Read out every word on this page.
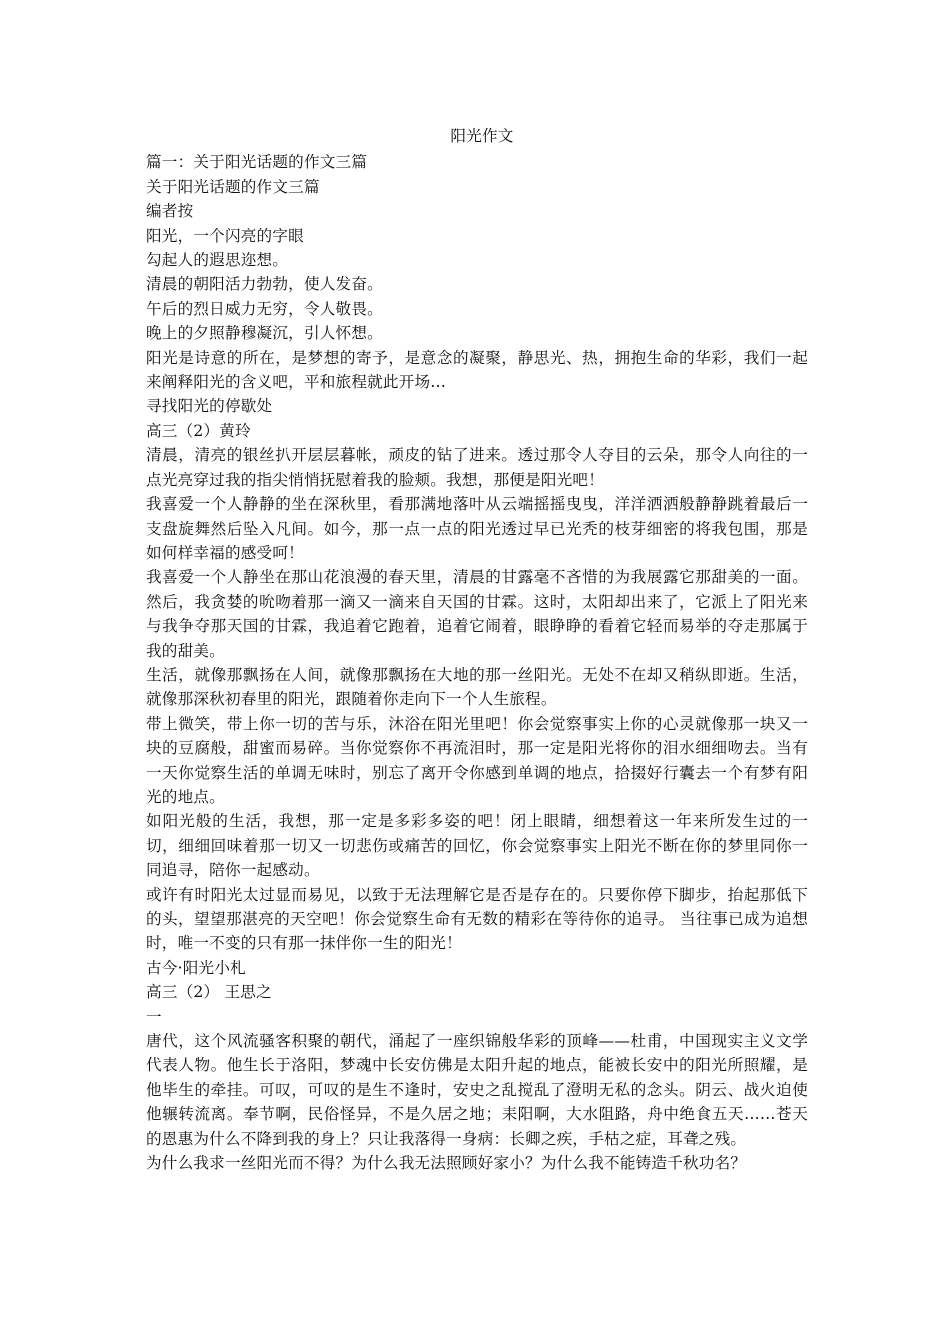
阳光作文

篇一：关于阳光话题的作文三篇

关于阳光话题的作文三篇

编者按

阳光，一个闪亮的字眼

勾起人的遐思迩想。

清晨的朝阳活力勃勃，使人发奋。

午后的烈日威力无穷，令人敬畏。

晚上的夕照静穆凝沉，引人怀想。

阳光是诗意的所在，是梦想的寄予，是意念的凝聚，静思光、热，拥抱生命的华彩，我们一起来阐释阳光的含义吧，平和旅程就此开场…

寻找阳光的停歇处

高三（2）黄玲

清晨，清亮的银丝扒开层层暮帐，顽皮的钻了进来。透过那令人夺目的云朵，那令人向往的一点光亮穿过我的指尖悄悄抚慰着我的脸颊。我想，那便是阳光吧！

我喜爱一个人静静的坐在深秋里，看那满地落叶从云端摇摇曳曳，洋洋洒洒般静静跳着最后一支盘旋舞然后坠入凡间。如今，那一点一点的阳光透过早已光秃的枝芽细密的将我包围，那是如何样幸福的感受呵！

我喜爱一个人静坐在那山花浪漫的春天里，清晨的甘露毫不吝惜的为我展露它那甜美的一面。然后，我贪婪的吮吻着那一滴又一滴来自天国的甘霖。这时，太阳却出来了，它派上了阳光来与我争夺那天国的甘霖，我追着它跑着，追着它闹着，眼睁睁的看着它轻而易举的夺走那属于我的甜美。

生活，就像那飘扬在人间，就像那飘扬在大地的那一丝阳光。无处不在却又稍纵即逝。生活，就像那深秋初春里的阳光，跟随着你走向下一个人生旅程。

带上微笑，带上你一切的苦与乐，沐浴在阳光里吧！你会觉察事实上你的心灵就像那一块又一块的豆腐般，甜蜜而易碎。当你觉察你不再流泪时，那一定是阳光将你的泪水细细吻去。当有一天你觉察生活的单调无味时，别忘了离开令你感到单调的地点，拾掇好行囊去一个有梦有阳光的地点。

如阳光般的生活，我想，那一定是多彩多姿的吧！闭上眼睛，细想着这一年来所发生过的一切，细细回味着那一切又一切悲伤或痛苦的回忆，你会觉察事实上阳光不断在你的梦里同你一同追寻，陪你一起感动。

或许有时阳光太过显而易见，以致于无法理解它是否是存在的。只要你停下脚步，抬起那低下的头，望望那湛亮的天空吧！你会觉察生命有无数的精彩在等待你的追寻。 当往事已成为追想时，唯一不变的只有那一抹伴你一生的阳光！

古今·阳光小札

高三（2） 王思之

一

唐代，这个风流骚客积聚的朝代，涌起了一座织锦般华彩的顶峰——杜甫，中国现实主义文学代表人物。他生长于洛阳，梦魂中长安仿佛是太阳升起的地点，能被长安中的阳光所照耀，是他毕生的牵挂。可叹，可叹的是生不逢时，安史之乱搅乱了澄明无私的念头。阴云、战火迫使他辗转流离。奉节啊，民俗怪异，不是久居之地；耒阳啊，大水阻路，舟中绝食五天……苍天的恩惠为什么不降到我的身上？只让我落得一身病：长卿之疾，手枯之症，耳聋之残。

为什么我求一丝阳光而不得？为什么我无法照顾好家小？为什么我不能铸造千秋功名？
